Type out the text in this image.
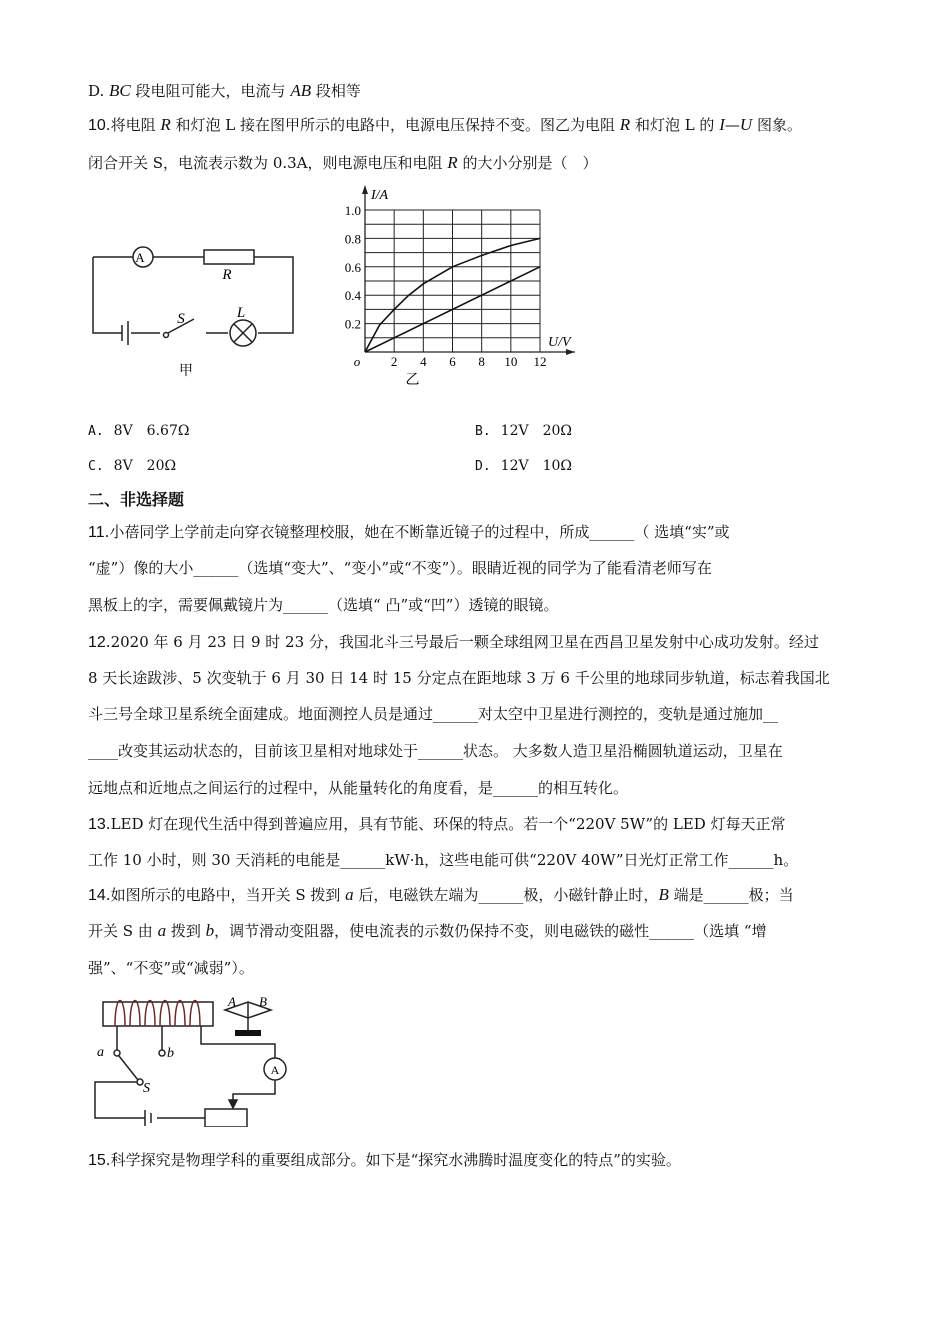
D. BC 段电阻可能大，电流与 AB 段相等
10.将电阻 R 和灯泡 L 接在图甲所示的电路中，电源电压保持不变。图乙为电阻 R 和灯泡 L 的 I—U 图象。
闭合开关 S，电流表示数为 0.3A，则电源电压和电阻 R 的大小分别是（　）
11.小蓓同学上学前走向穿衣镜整理校服，她在不断靠近镜子的过程中，所成______（ 选填“实”或
“虚”）像的大小______（选填“变大”、“变小”或“不变”）。眼睛近视的同学为了能看清老师写在
黑板上的字，需要佩戴镜片为______（选填“ 凸”或“凹”）透镜的眼镜。
12.2020 年 6 月 23 日 9 时 23 分，我国北斗三号最后一颗全球组网卫星在西昌卫星发射中心成功发射。经过
8 天长途跋涉、5 次变轨于 6 月 30 日 14 时 15 分定点在距地球 3 万 6 千公里的地球同步轨道，标志着我国北
斗三号全球卫星系统全面建成。地面测控人员是通过______对太空中卫星进行测控的，变轨是通过施加__
____改变其运动状态的，目前该卫星相对地球处于______状态。 大多数人造卫星沿椭圆轨道运动，卫星在
远地点和近地点之间运行的过程中，从能量转化的角度看，是______的相互转化。
13.LED 灯在现代生活中得到普遍应用，具有节能、环保的特点。若一个“220V 5W”的 LED 灯每天正常
工作 10 小时，则 30 天消耗的电能是______kW·h，这些电能可供“220V 40W”日光灯正常工作______h。
14.如图所示的电路中，当开关 S 拨到 a 后，电磁铁左端为______极，小磁针静止时，B 端是______极；当
开关 S 由 a 拨到 b，调节滑动变阻器，使电流表的示数仍保持不变，则电磁铁的磁性______（选填 “增
强”、“不变”或“减弱”）。
15.科学探究是物理学科的重要组成部分。如下是“探究水沸腾时温度变化的特点”的实验。
A
R
S	L
甲
2 4 6 8 10 12
0.2
0.4
0.6
0.8
1.0
o
I/A
U/V
乙
A. 8V　6.67Ω	B. 12V　20Ω
C. 8V　20Ω	D. 12V　10Ω
二、非选择题
A B
a	b
S
A
